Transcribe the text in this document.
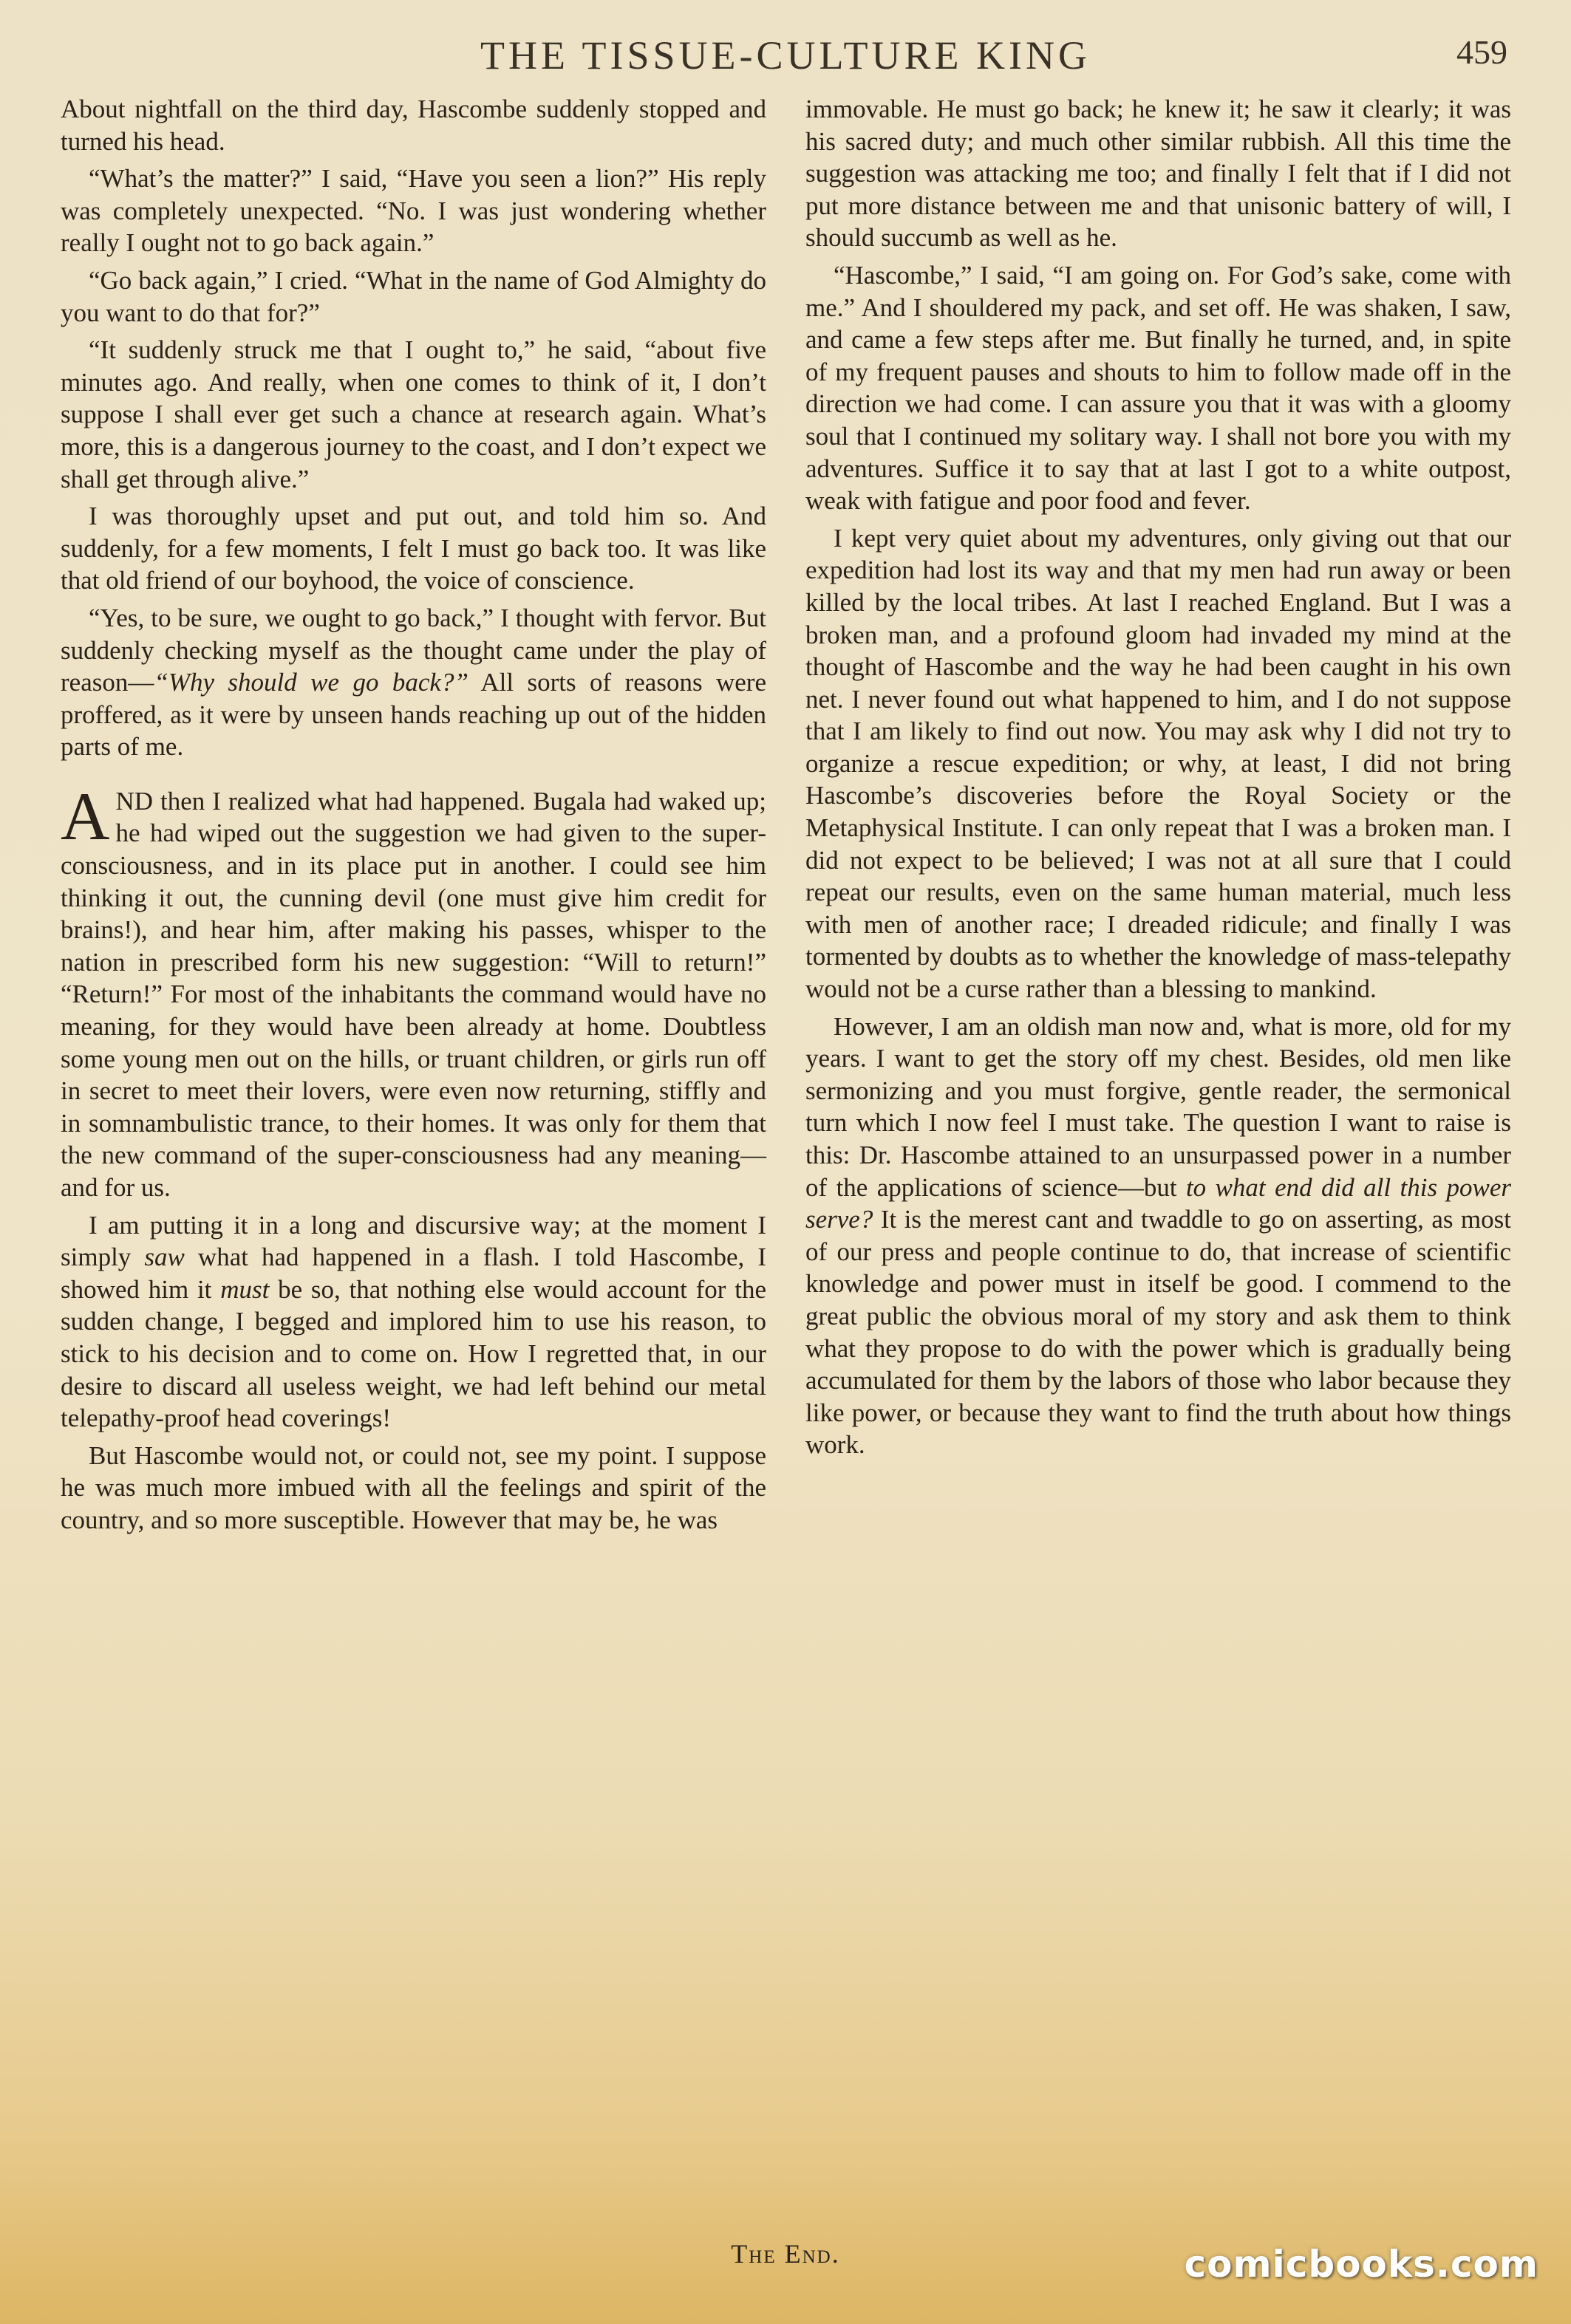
THE TISSUE-CULTURE KING	459

About nightfall on the third day, Hascombe suddenly stopped and turned his head.

“What’s the matter?” I said, “Have you seen a lion?” His reply was completely unexpected. “No. I was just wondering whether really I ought not to go back again.”

“Go back again,” I cried. “What in the name of God Almighty do you want to do that for?”

“It suddenly struck me that I ought to,” he said, “about five minutes ago. And really, when one comes to think of it, I don’t suppose I shall ever get such a chance at research again. What’s more, this is a dangerous journey to the coast, and I don’t expect we shall get through alive.”

I was thoroughly upset and put out, and told him so. And suddenly, for a few moments, I felt I must go back too. It was like that old friend of our boyhood, the voice of conscience.

“Yes, to be sure, we ought to go back,” I thought with fervor. But suddenly checking myself as the thought came under the play of reason—“Why should we go back?” All sorts of reasons were proffered, as it were by unseen hands reaching up out of the hidden parts of me.

AND then I realized what had happened. Bugala had waked up; he had wiped out the suggestion we had given to the super-consciousness, and in its place put in another. I could see him thinking it out, the cunning devil (one must give him credit for brains!), and hear him, after making his passes, whisper to the nation in prescribed form his new suggestion: “Will to return!” “Return!” For most of the inhabitants the command would have no meaning, for they would have been already at home. Doubtless some young men out on the hills, or truant children, or girls run off in secret to meet their lovers, were even now returning, stiffly and in somnambulistic trance, to their homes. It was only for them that the new command of the super-consciousness had any meaning—and for us.

I am putting it in a long and discursive way; at the moment I simply saw what had happened in a flash. I told Hascombe, I showed him it must be so, that nothing else would account for the sudden change, I begged and implored him to use his reason, to stick to his decision and to come on. How I regretted that, in our desire to discard all useless weight, we had left behind our metal telepathy-proof head coverings!

But Hascombe would not, or could not, see my point. I suppose he was much more imbued with all the feelings and spirit of the country, and so more susceptible. However that may be, he was

immovable. He must go back; he knew it; he saw it clearly; it was his sacred duty; and much other similar rubbish. All this time the suggestion was attacking me too; and finally I felt that if I did not put more distance between me and that unisonic battery of will, I should succumb as well as he.

“Hascombe,” I said, “I am going on. For God’s sake, come with me.” And I shouldered my pack, and set off. He was shaken, I saw, and came a few steps after me. But finally he turned, and, in spite of my frequent pauses and shouts to him to follow made off in the direction we had come. I can assure you that it was with a gloomy soul that I continued my solitary way. I shall not bore you with my adventures. Suffice it to say that at last I got to a white outpost, weak with fatigue and poor food and fever.

I kept very quiet about my adventures, only giving out that our expedition had lost its way and that my men had run away or been killed by the local tribes. At last I reached England. But I was a broken man, and a profound gloom had invaded my mind at the thought of Hascombe and the way he had been caught in his own net. I never found out what happened to him, and I do not suppose that I am likely to find out now. You may ask why I did not try to organize a rescue expedition; or why, at least, I did not bring Hascombe’s discoveries before the Royal Society or the Metaphysical Institute. I can only repeat that I was a broken man. I did not expect to be believed; I was not at all sure that I could repeat our results, even on the same human material, much less with men of another race; I dreaded ridicule; and finally I was tormented by doubts as to whether the knowledge of mass-telepathy would not be a curse rather than a blessing to mankind.

However, I am an oldish man now and, what is more, old for my years. I want to get the story off my chest. Besides, old men like sermonizing and you must forgive, gentle reader, the sermonical turn which I now feel I must take. The question I want to raise is this: Dr. Hascombe attained to an unsurpassed power in a number of the applications of science—but to what end did all this power serve? It is the merest cant and twaddle to go on asserting, as most of our press and people continue to do, that increase of scientific knowledge and power must in itself be good. I commend to the great public the obvious moral of my story and ask them to think what they propose to do with the power which is gradually being accumulated for them by the labors of those who labor because they like power, or because they want to find the truth about how things work.

The End.	comicbooks.com
